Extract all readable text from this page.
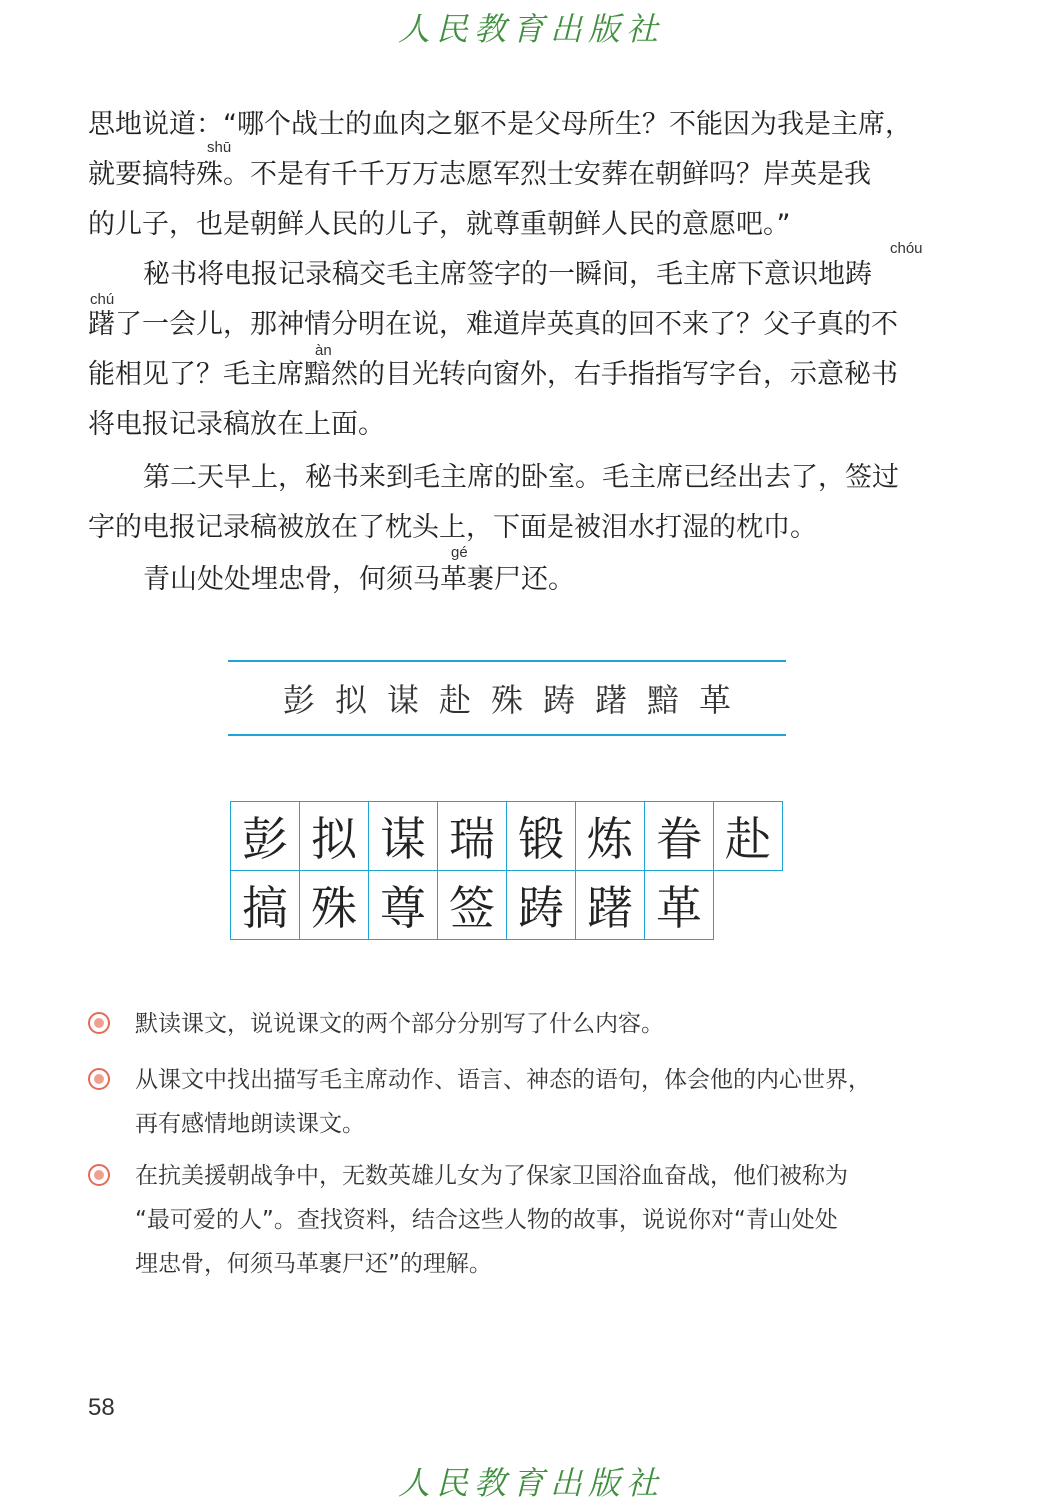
人民教育出版社
思地说道：“哪个战士的血肉之躯不是父母所生？不能因为我是主席，
就要搞特殊。不是有千千万万志愿军烈士安葬在朝鲜吗？岸英是我
的儿子，也是朝鲜人民的儿子，就尊重朝鲜人民的意愿吧。”
shū
秘书将电报记录稿交毛主席签字的一瞬间，毛主席下意识地踌
躇了一会儿，那神情分明在说，难道岸英真的回不来了？父子真的不
能相见了？毛主席黯然的目光转向窗外，右手指指写字台，示意秘书
将电报记录稿放在上面。
chóu
chú
àn
第二天早上，秘书来到毛主席的卧室。毛主席已经出去了，签过
字的电报记录稿被放在了枕头上，下面是被泪水打湿的枕巾。
青山处处埋忠骨，何须马革裹尸还。
gé
彭 拟 谋 赴 殊 踌 躇 黯 革
彭 拟 谋 瑞 锻 炼 眷 赴
搞 殊 尊 签 踌 躇 革
默读课文，说说课文的两个部分分别写了什么内容。
从课文中找出描写毛主席动作、语言、神态的语句，体会他的内心世界，
再有感情地朗读课文。
在抗美援朝战争中，无数英雄儿女为了保家卫国浴血奋战，他们被称为
“最可爱的人”。查找资料，结合这些人物的故事，说说你对“青山处处
埋忠骨，何须马革裹尸还”的理解。
58
人民教育出版社
